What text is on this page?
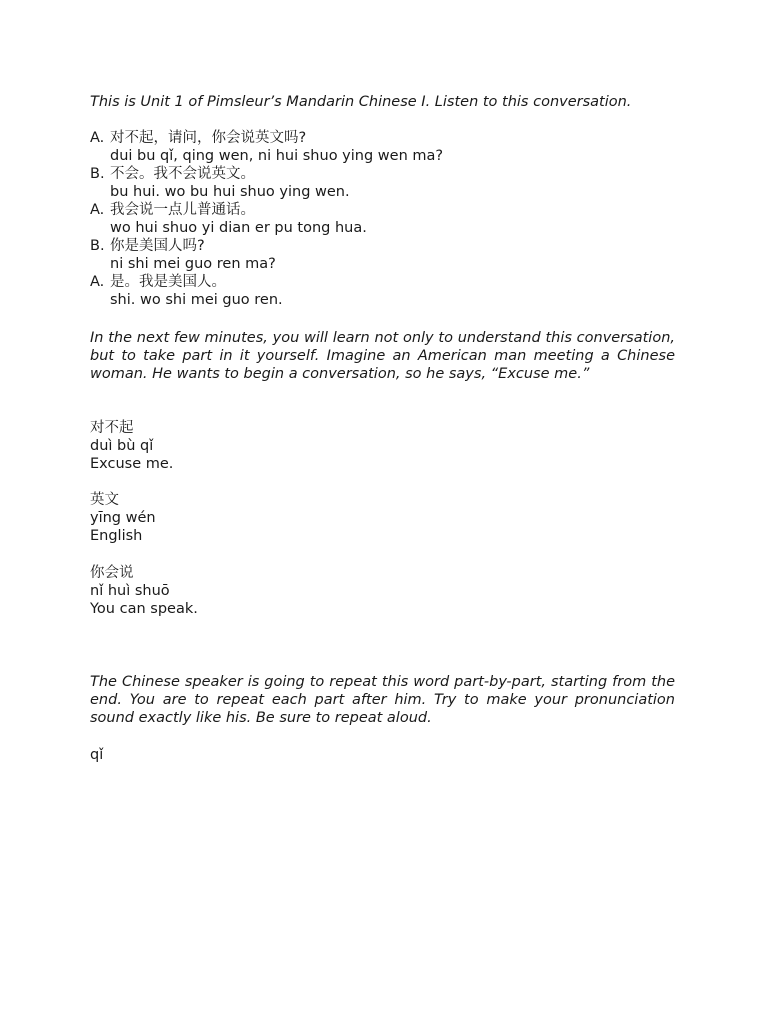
This is Unit 1 of Pimsleur’s Mandarin Chinese I. Listen to this conversation.
A. 对不起，请问，你会说英文吗?
dui bu qǐ, qing wen, ni hui shuo ying wen ma?
B. 不会。我不会说英文。
bu hui. wo bu hui shuo ying wen.
A. 我会说一点儿普通话。
wo hui shuo yi dian er pu tong hua.
B. 你是美国人吗?
ni shi mei guo ren ma?
A. 是。我是美国人。
shi. wo shi mei guo ren.
In the next few minutes, you will learn not only to understand this conversation, but to take part in it yourself. Imagine an American man meeting a Chinese woman. He wants to begin a conversation, so he says, “Excuse me.”
对不起
duì bù qǐ
Excuse me.
英文
yīng wén
English
你会说
nǐ huì shuō
You can speak.
The Chinese speaker is going to repeat this word part-by-part, starting from the end. You are to repeat each part after him. Try to make your pronunciation sound exactly like his. Be sure to repeat aloud.
qǐ
